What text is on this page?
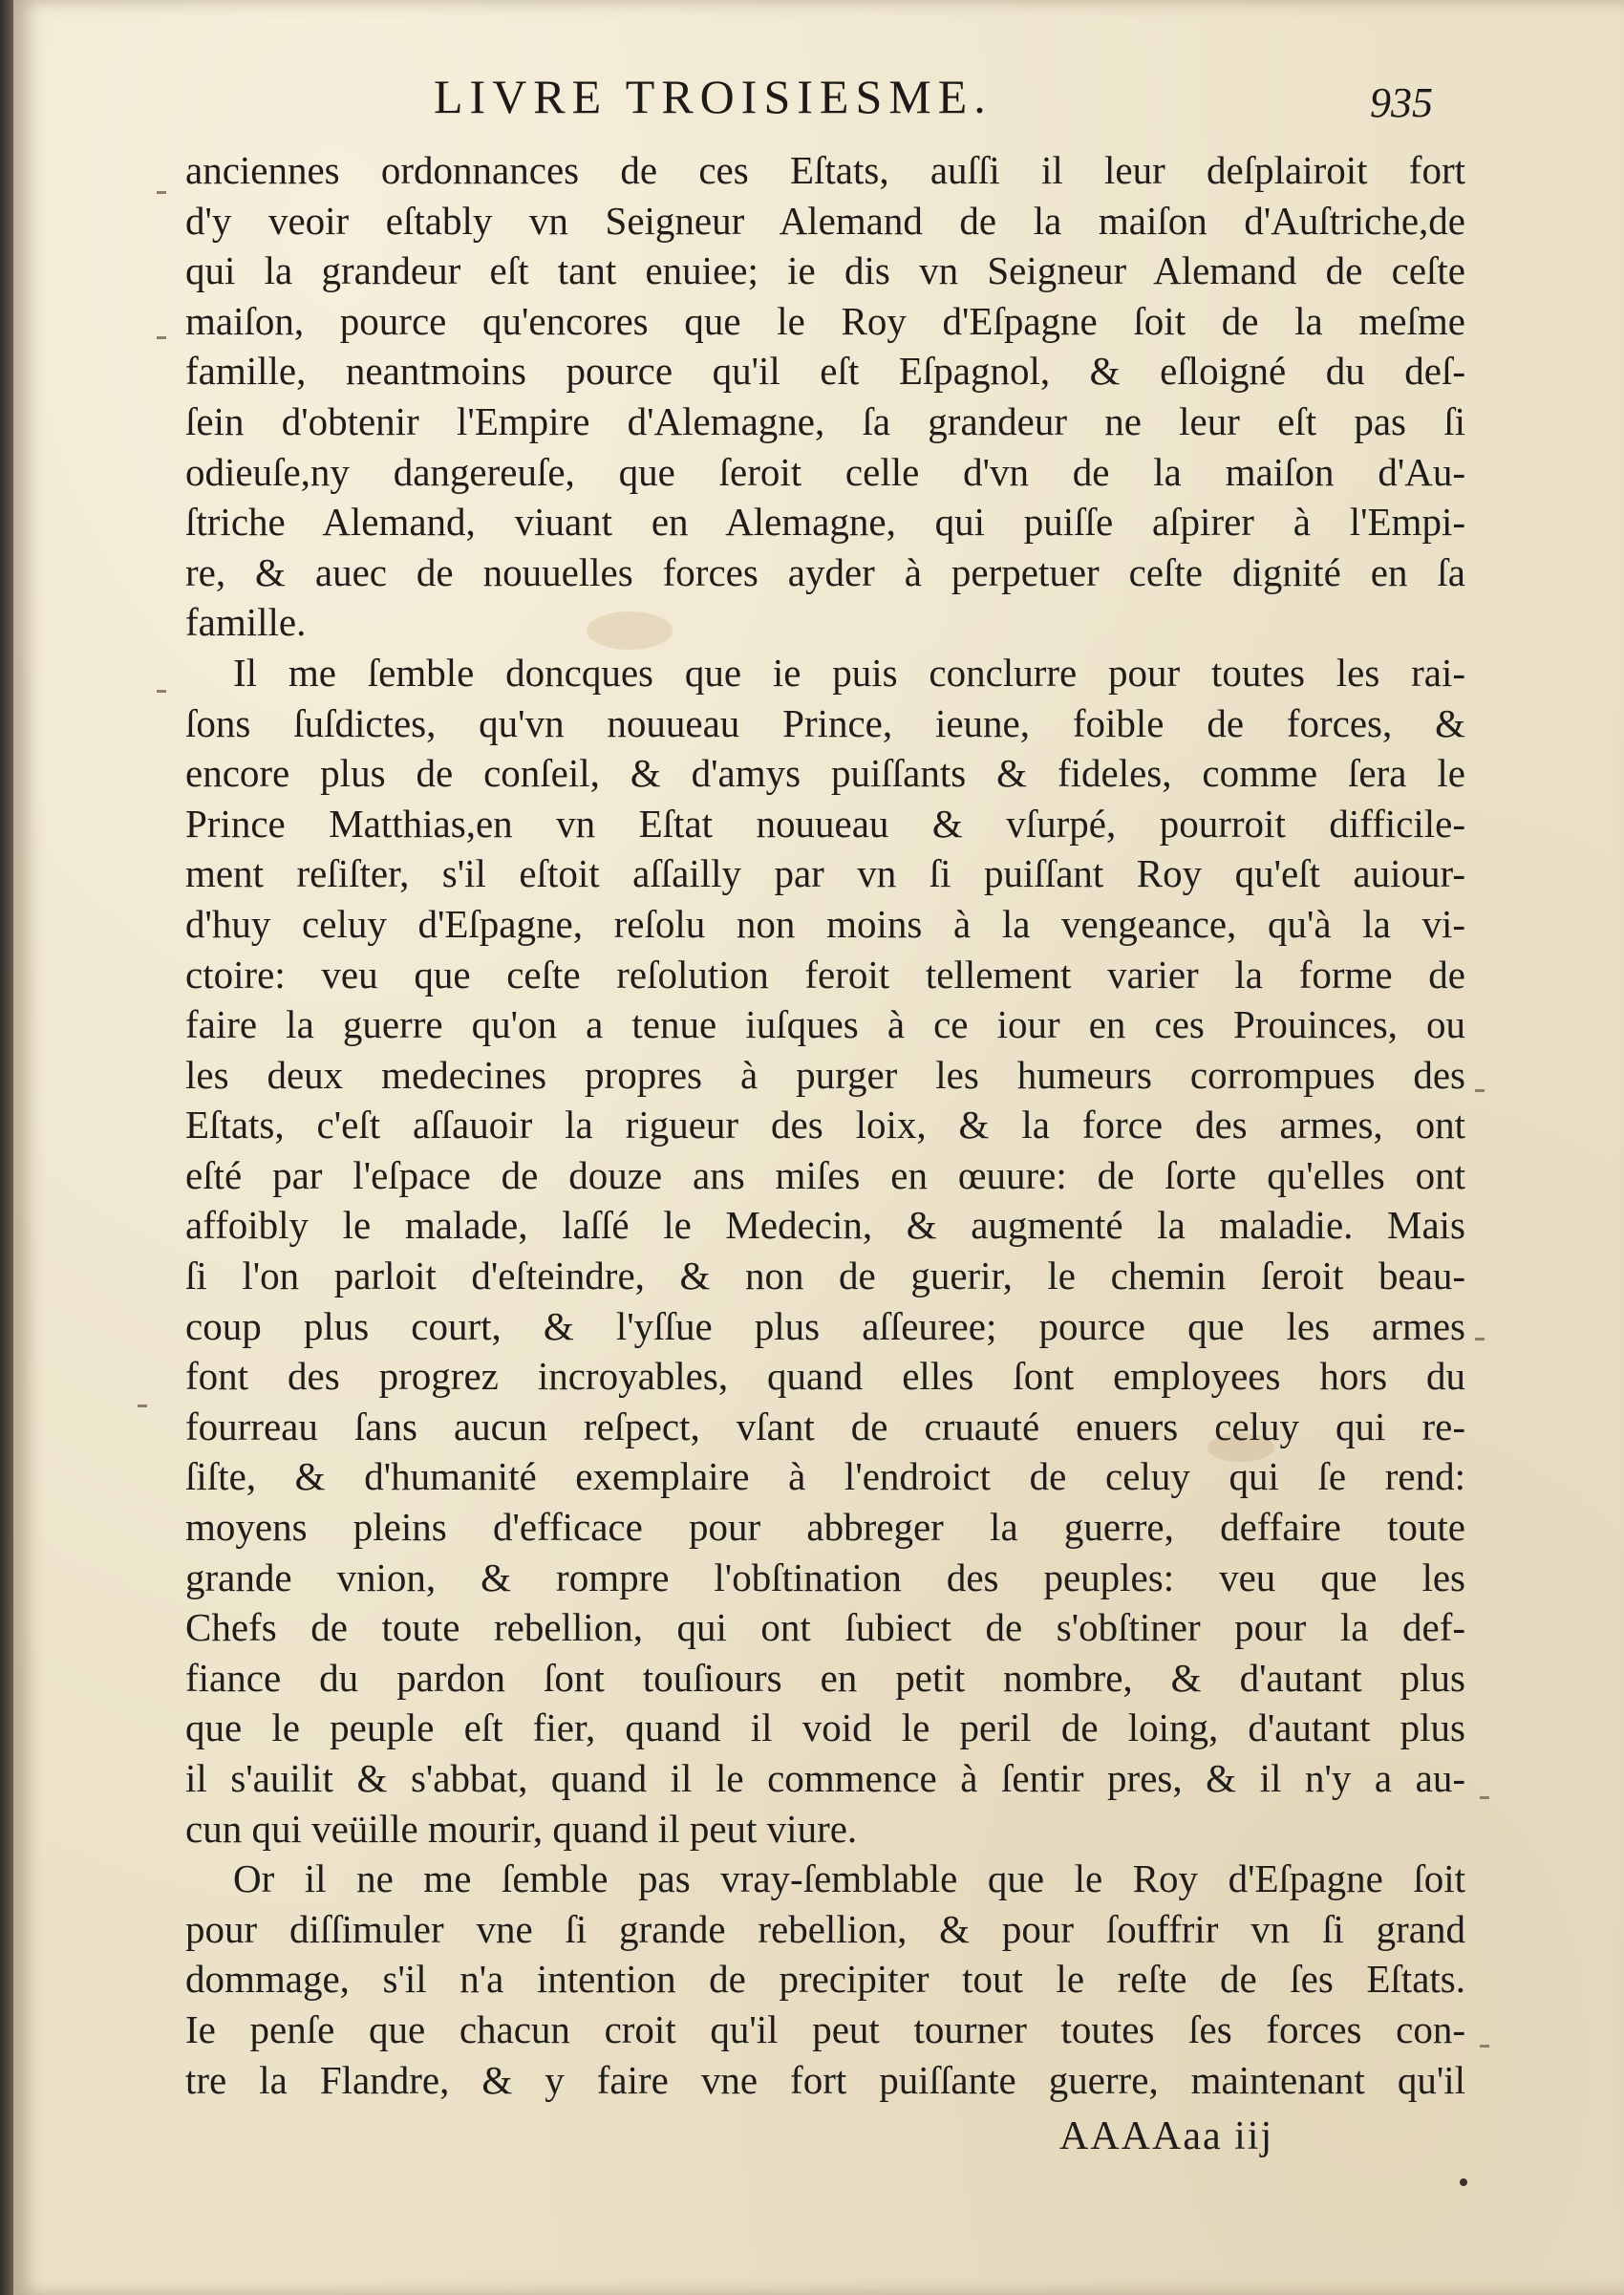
LIVRE TROISIESME.	935
anciennes ordonnances de ces Eſtats, auſſi il leur deſplairoit fort
d'y veoir eſtably vn Seigneur Alemand de la maiſon d'Auſtriche,de
qui la grandeur eſt tant enuiee; ie dis vn Seigneur Alemand de ceſte
maiſon, pource qu'encores que le Roy d'Eſpagne ſoit de la meſme
famille, neantmoins pource qu'il eſt Eſpagnol, & eſloigné du deſ-
ſein d'obtenir l'Empire d'Alemagne, ſa grandeur ne leur eſt pas ſi
odieuſe,ny dangereuſe, que ſeroit celle d'vn de la maiſon d'Au-
ſtriche Alemand, viuant en Alemagne, qui puiſſe aſpirer à l'Empi-
re, & auec de nouuelles forces ayder à perpetuer ceſte dignité en ſa
famille.
Il me ſemble doncques que ie puis conclurre pour toutes les rai-
ſons ſuſdictes, qu'vn nouueau Prince, ieune, foible de forces, &
encore plus de conſeil, & d'amys puiſſants & fideles, comme ſera le
Prince Matthias,en vn Eſtat nouueau & vſurpé, pourroit difficile-
ment reſiſter, s'il eſtoit aſſailly par vn ſi puiſſant Roy qu'eſt auiour-
d'huy celuy d'Eſpagne, reſolu non moins à la vengeance, qu'à la vi-
ctoire: veu que ceſte reſolution feroit tellement varier la forme de
faire la guerre qu'on a tenue iuſques à ce iour en ces Prouinces, ou
les deux medecines propres à purger les humeurs corrompues des
Eſtats, c'eſt aſſauoir la rigueur des loix, & la force des armes, ont
eſté par l'eſpace de douze ans miſes en œuure: de ſorte qu'elles ont
affoibly le malade, laſſé le Medecin, & augmenté la maladie. Mais
ſi l'on parloit d'eſteindre, & non de guerir, le chemin ſeroit beau-
coup plus court, & l'yſſue plus aſſeuree; pource que les armes
font des progrez incroyables, quand elles ſont employees hors du
fourreau ſans aucun reſpect, vſant de cruauté enuers celuy qui re-
ſiſte, & d'humanité exemplaire à l'endroict de celuy qui ſe rend:
moyens pleins d'efficace pour abbreger la guerre, deffaire toute
grande vnion, & rompre l'obſtination des peuples: veu que les
Chefs de toute rebellion, qui ont ſubiect de s'obſtiner pour la def-
fiance du pardon ſont touſiours en petit nombre, & d'autant plus
que le peuple eſt fier, quand il void le peril de loing, d'autant plus
il s'auilit & s'abbat, quand il le commence à ſentir pres, & il n'y a au-
cun qui veüille mourir, quand il peut viure.
Or il ne me ſemble pas vray-ſemblable que le Roy d'Eſpagne ſoit
pour diſſimuler vne ſi grande rebellion, & pour ſouffrir vn ſi grand
dommage, s'il n'a intention de precipiter tout le reſte de ſes Eſtats.
Ie penſe que chacun croit qu'il peut tourner toutes ſes forces con-
tre la Flandre, & y faire vne fort puiſſante guerre, maintenant qu'il
AAAAaa iij
